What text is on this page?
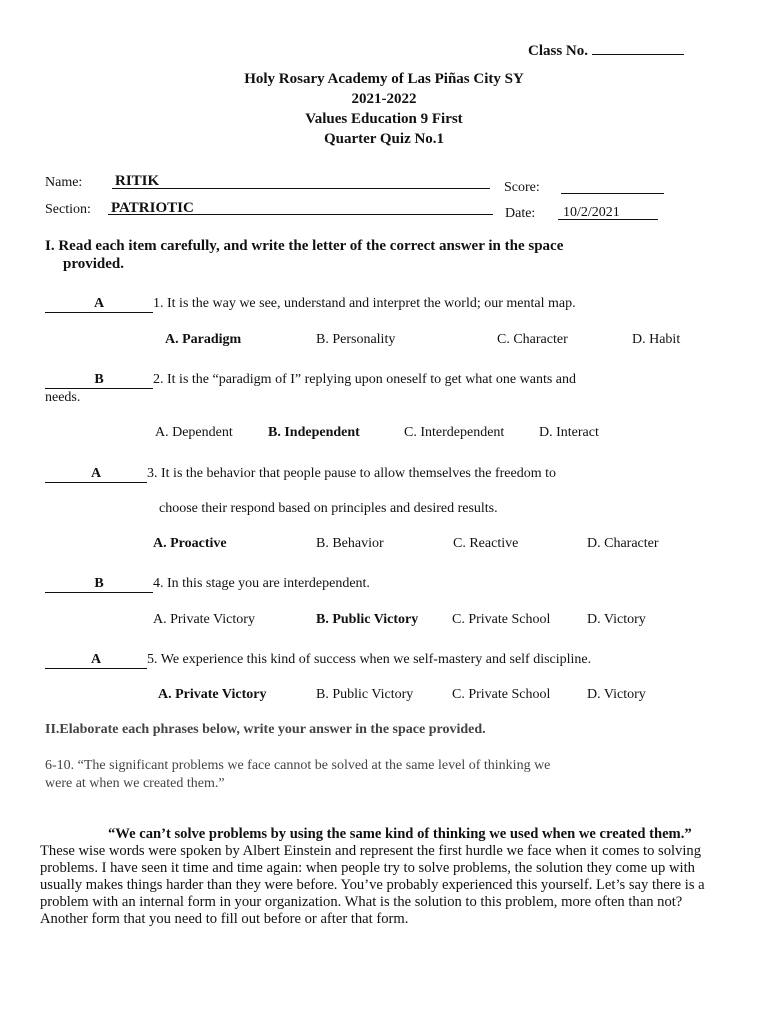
Class No.
Holy Rosary Academy of Las Piñas City SY
2021-2022
Values Education 9 First
Quarter Quiz No.1
Name: RITIK	Score:
Section: PATRIOTIC	Date: 10/2/2021
I. Read each item carefully, and write the letter of the correct answer in the space
provided.
A	1. It is the way we see, understand and interpret the world; our mental map.
A. Paradigm	B. Personality	C. Character	D. Habit
B	2. It is the “paradigm of I” replying upon oneself to get what one wants and
needs.
A. Dependent	B. Independent	C. Interdependent D. Interact
A	3. It is the behavior that people pause to allow themselves the freedom to
choose their respond based on principles and desired results.
A. Proactive	B. Behavior	C. Reactive	D. Character
B	4. In this stage you are interdependent.
A. Private Victory	B. Public Victory C. Private School	D. Victory
A	5. We experience this kind of success when we self-mastery and self discipline.
A. Private Victory	B. Public Victory	C. Private School	D. Victory
II.Elaborate each phrases below, write your answer in the space provided.
6-10. “The significant problems we face cannot be solved at the same level of thinking we
were at when we created them.”
“We can’t solve problems by using the same kind of thinking we used when we created them.” These wise words were spoken by Albert Einstein and represent the first hurdle we face when it comes to solving problems. I have seen it time and time again: when people try to solve problems, the solution they come up with usually makes things harder than they were before. You’ve probably experienced this yourself. Let’s say there is a problem with an internal form in your organization. What is the solution to this problem, more often than not? Another form that you need to fill out before or after that form.
